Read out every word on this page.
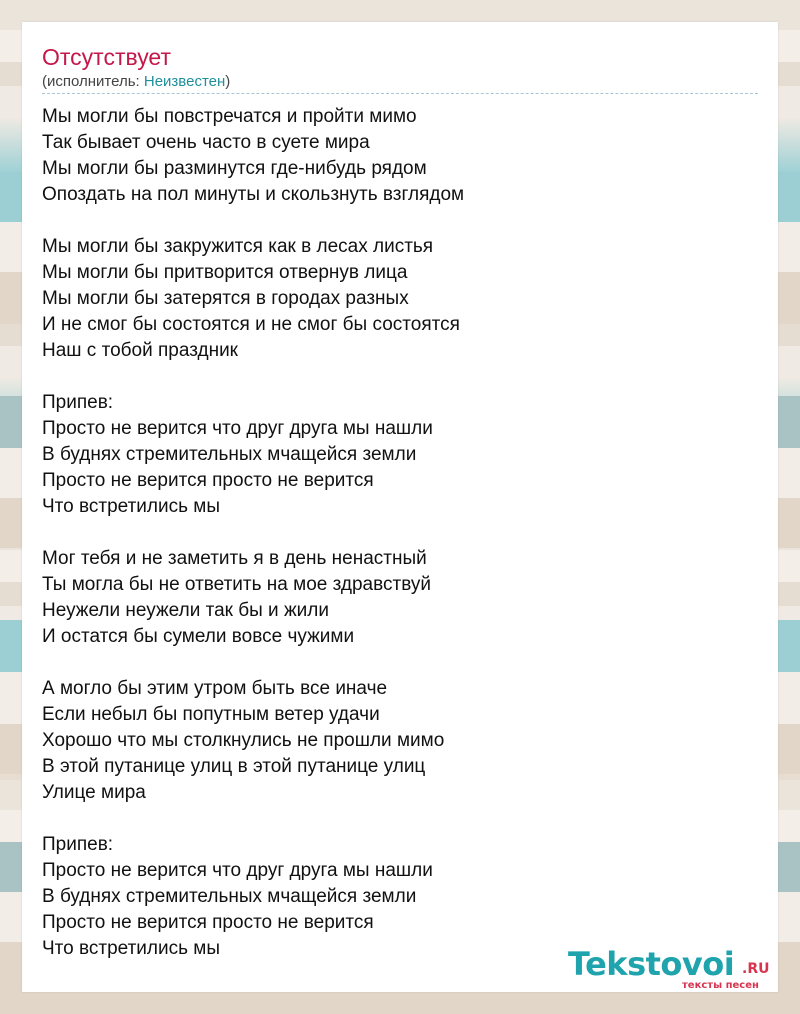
Отсутствует
(исполнитель: Неизвестен)
Мы могли бы повстречатся и пройти мимо
Так бывает очень часто в суете мира
Мы могли бы разминутся где-нибудь рядом
Опоздать на пол минуты и скользнуть взглядом
Мы могли бы закружится как в лесах листья
Мы могли бы притворится отвернув лица
Мы могли бы затерятся в городах разных
И не смог бы состоятся и не смог бы состоятся
Наш с тобой праздник
Припев:
Просто не верится что друг друга мы нашли
В буднях стремительных мчащейся земли
Просто не верится просто не верится
Что встретились мы
Мог тебя и не заметить я в день ненастный
Ты могла бы не ответить на мое здравствуй
Неужели неужели так бы и жили
И остатся бы сумели вовсе чужими
А могло бы этим утром быть все иначе
Если небыл бы попутным ветер удачи
Хорошо что мы столкнулись не прошли мимо
В этой путанице улиц в этой путанице улиц
Улице мира
Припев:
Просто не верится что друг друга мы нашли
В буднях стремительных мчащейся земли
Просто не верится просто не верится
Что встретились мы	Tekstovoi .RU
тексты песен
